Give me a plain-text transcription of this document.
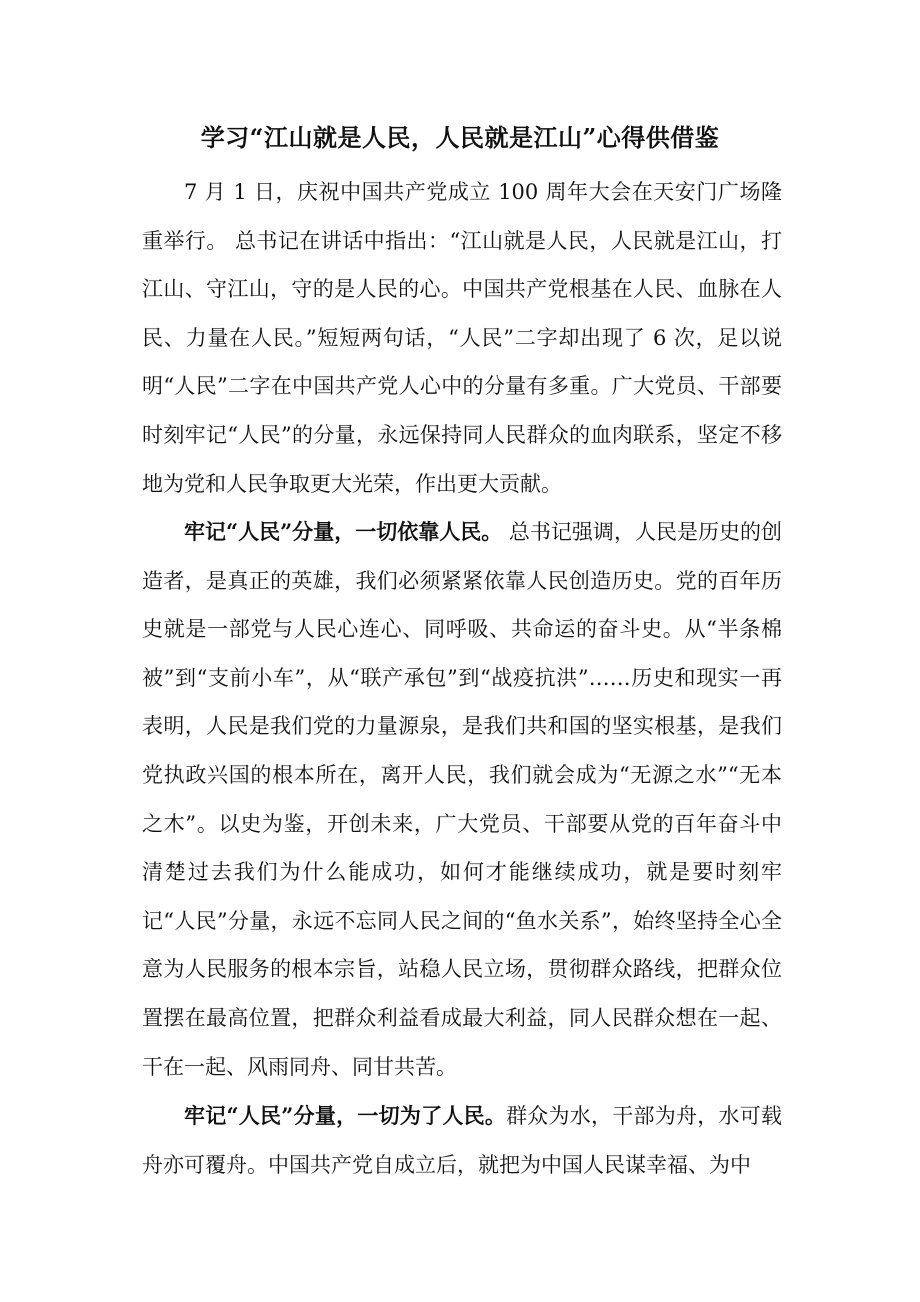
学习“江山就是人民，人民就是江山”心得供借鉴

7 月 1 日，庆祝中国共产党成立 100 周年大会在天安门广场隆重举行。 总书记在讲话中指出：“江山就是人民，人民就是江山，打江山、守江山，守的是人民的心。中国共产党根基在人民、血脉在人民、力量在人民。”短短两句话，“人民”二字却出现了 6 次，足以说明“人民”二字在中国共产党人心中的分量有多重。广大党员、干部要时刻牢记“人民”的分量，永远保持同人民群众的血肉联系，坚定不移地为党和人民争取更大光荣，作出更大贡献。

牢记“人民”分量，一切依靠人民。 总书记强调，人民是历史的创造者，是真正的英雄，我们必须紧紧依靠人民创造历史。党的百年历史就是一部党与人民心连心、同呼吸、共命运的奋斗史。从“半条棉被”到“支前小车”，从“联产承包”到“战疫抗洪”……历史和现实一再表明，人民是我们党的力量源泉，是我们共和国的坚实根基，是我们党执政兴国的根本所在，离开人民，我们就会成为“无源之水”“无本之木”。以史为鉴，开创未来，广大党员、干部要从党的百年奋斗中清楚过去我们为什么能成功，如何才能继续成功，就是要时刻牢记“人民”分量，永远不忘同人民之间的“鱼水关系”，始终坚持全心全意为人民服务的根本宗旨，站稳人民立场，贯彻群众路线，把群众位置摆在最高位置，把群众利益看成最大利益，同人民群众想在一起、干在一起、风雨同舟、同甘共苦。

牢记“人民”分量，一切为了人民。群众为水，干部为舟，水可载舟亦可覆舟。中国共产党自成立后，就把为中国人民谋幸福、为中
